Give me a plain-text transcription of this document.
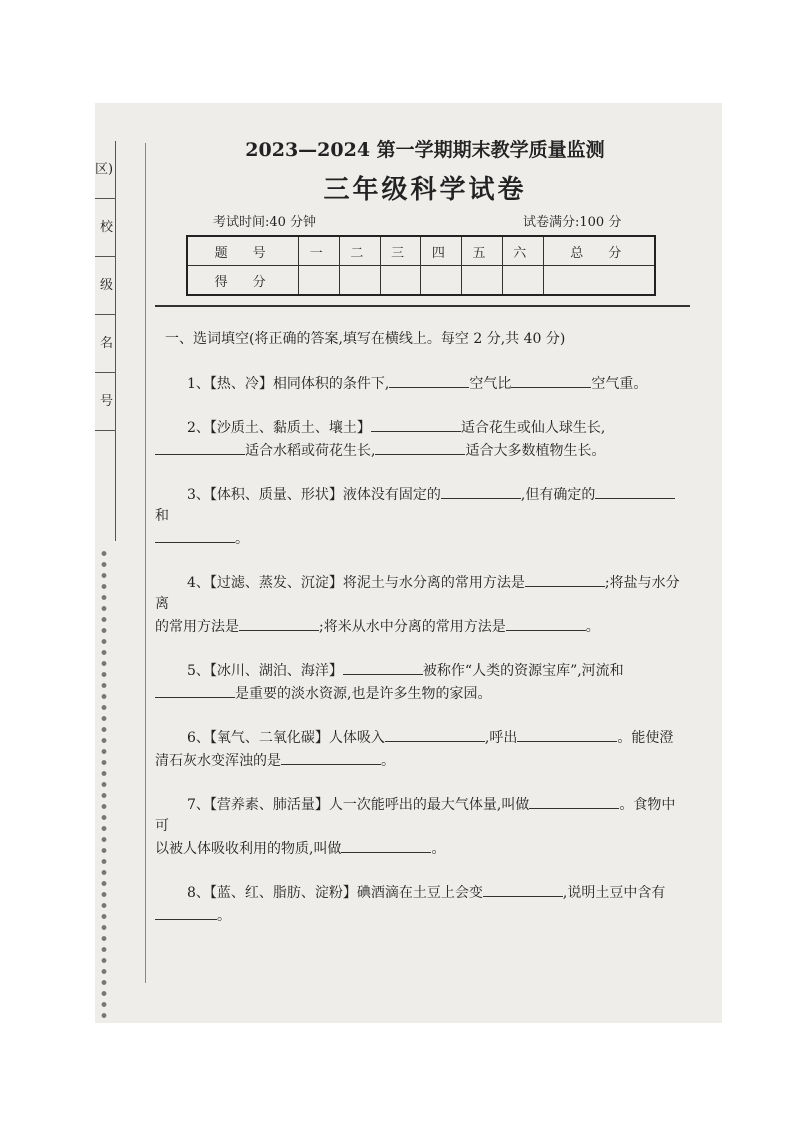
区)
校
级
名
号
2023—2024 第一学期期末教学质量监测
三年级科学试卷
考试时间:40 分钟	试卷满分:100 分
题　号	一	二	三	四	五	六	总　分
得　分							
一、选词填空(将正确的答案,填写在横线上。每空 2 分,共 40 分)
1、【热、冷】相同体积的条件下,	空气比	空气重。
2、【沙质土、黏质土、壤土】	适合花生或仙人球生长,
适合水稻或荷花生长,	适合大多数植物生长。
3、【体积、质量、形状】液体没有固定的	,但有确定的和
。
4、【过滤、蒸发、沉淀】将泥土与水分离的常用方法是	;将盐与水分离
的常用方法是	;将米从水中分离的常用方法是	。
5、【冰川、湖泊、海洋】	被称作“人类的资源宝库”,河流和
是重要的淡水资源,也是许多生物的家园。
6、【氧气、二氧化碳】人体吸入	,呼出	。能使澄
清石灰水变浑浊的是	。
7、【营养素、肺活量】人一次能呼出的最大气体量,叫做	。食物中可
以被人体吸收利用的物质,叫做	。
8、【蓝、红、脂肪、淀粉】碘酒滴在土豆上会变	,说明土豆中含有
。
